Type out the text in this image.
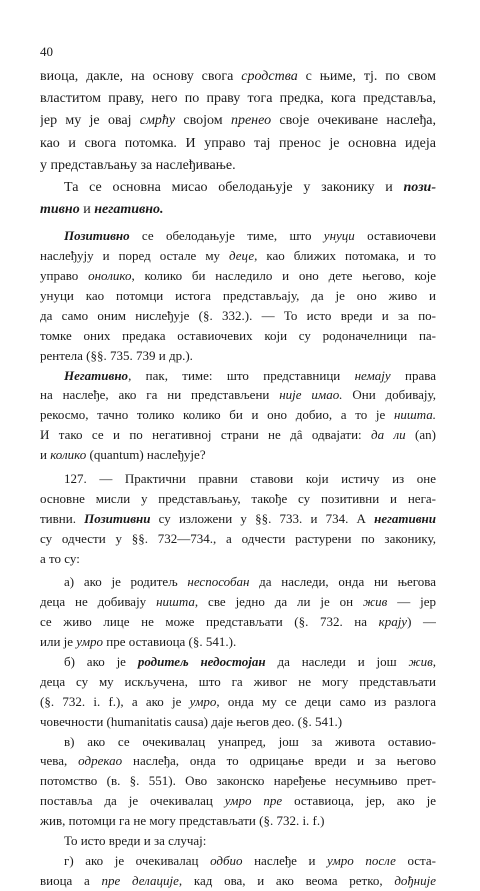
40
виоца, дакле, на основу свога сродства с њиме, тј. по свом
властитом праву, него по праву тога предка, кога представља,
јер му је овај смрћу својом пренео своје очекиване наслеђа,
као и свога потомка. И управо тај пренос је основна идеја
у представљању за наслеђивање.
Та се основна мисао обелодањује у законику и пози-
тивно и негативно.
Позитивно се обелодањује тиме, што унуци оставиочеви
наслеђују и поред остале му деце, као ближих потомака, и то
управо онолико, колико би наследило и оно дете његово, које
унуци као потомци истога представљају, да је оно живо и
да само оним нислеђује (§. 332.). — То исто вреди и за по-
томке оних предака оставиочевих који су родоначелници па-
рентела (§§. 735. 739 и др.).
Негативно, пак, тиме: што представници немају права
на наслеђе, ако га ни представљени није имао. Они добивају,
рекосмо, тачно толико колико би и оно добио, а то је ништа.
И тако се и по негативној страни не дâ одвајати: да ли (an)
и колико (quantum) наслеђује?
127. — Практични правни ставови који истичу из оне
основне мисли у представљању, такође су позитивни и нега-
тивни. Позитивни су изложени у §§. 733. и 734. А негативни
су одчести у §§. 732—734., а одчести растурени по законику,
а то су:
а) ако је родитељ неспособан да наследи, онда ни његова
деца не добивају ништа, све једно да ли је он жив — јер
се живо лице не може представљати (§. 732. на крају) —
или је умро пре оставиоца (§. 541.).
б) ако је родитељ недостојан да наследи и још жив,
деца су му искључена, што га живог не могу представљати
(§. 732. i. f.), а ако је умро, онда му се деци само из разлога
човечности (humanitatis causa) даје његов део. (§. 541.)
в) ако се очекивалац унапред, још за живота оставио-
чева, одрекао наслеђа, онда то одрицање вреди и за његово
потомство (в. §. 551). Ово законско наређење несумњиво прет-
поставља да је очекивалац умро пре оставиоца, јер, ако је
жив, потомци га не могу представљати (§. 732. i. f.)
То исто вреди и за случај:
г) ако је очекивалац одбио наслеђе и умро после оста-
виоца а пре делације, кад ова, и ако веома ретко, дођније
